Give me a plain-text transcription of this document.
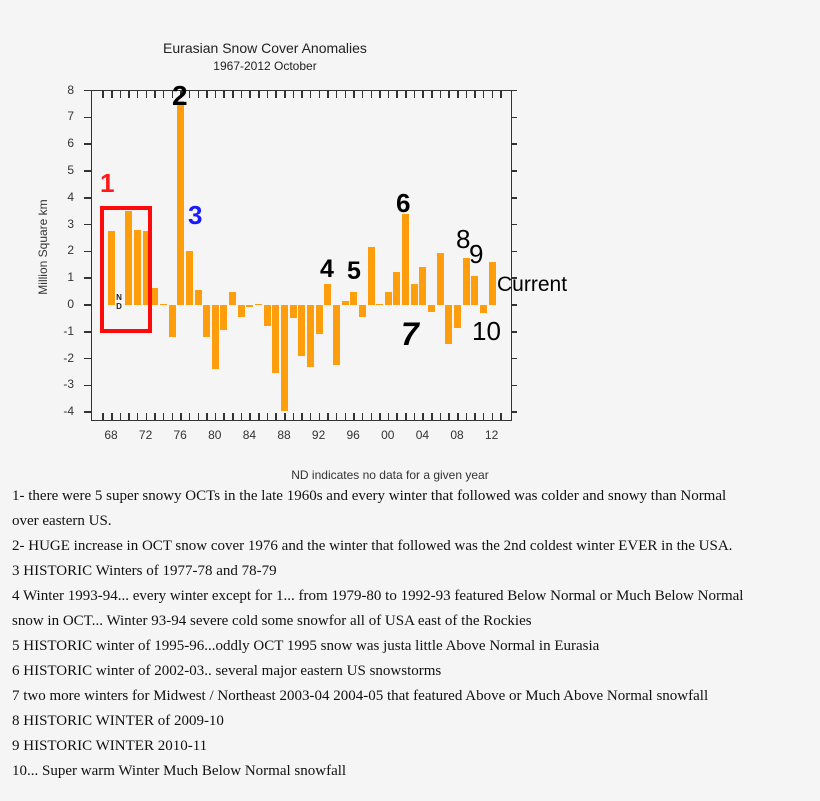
Eurasian Snow Cover Anomalies
1967-2012 October
Million Square km
8
7
6
5
4
3
2
1
0
-1
-2
-3
-4
68	72	76	80	84	88	92	96	00	04	08	12
N
D
1
2
3
4 5
6
7
8
9
10
Current
ND indicates no data for a given year
1- there were 5 super snowy OCTs in the late 1960s and every winter that followed was colder and snowy than Normal
over eastern US.
2- HUGE increase in OCT snow cover 1976 and the winter that followed was the 2nd coldest winter EVER in the USA.
3 HISTORIC Winters of 1977-78 and 78-79
4 Winter 1993-94... every winter except for 1... from 1979-80 to 1992-93 featured Below Normal or Much Below Normal
snow in OCT... Winter 93-94 severe cold some snowfor all of USA east of the Rockies
5 HISTORIC winter of 1995-96...oddly OCT 1995 snow was justa little Above Normal in Eurasia
6 HISTORIC winter of 2002-03.. several major eastern US snowstorms
7 two more winters for Midwest / Northeast 2003-04 2004-05 that featured Above or Much Above Normal snowfall
8 HISTORIC WINTER of 2009-10
9 HISTORIC WINTER 2010-11
10... Super warm Winter Much Below Normal snowfall
